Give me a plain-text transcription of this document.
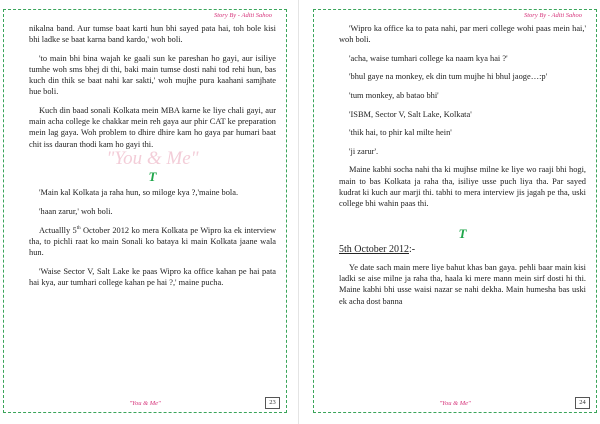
Story By - Aditi Sahoo

nikalna band. Aur tumse baat karti hun bhi sayed pata hai, toh bole kisi bhi ladke se baat karna band kardo,' woh boli.

'to main bhi bina wajah ke gaali sun ke pareshan ho gayi, aur isiliye tumhe woh sms bhej di thi, baki main tumse dosti nahi tod rehi hun, bas kuch din thik se baat nahi kar sakti,' woh mujhe pura kaahani samjhate hue boli.

Kuch din baad sonali Kolkata mein MBA karne ke liye chali gayi, aur main acha college ke chakkar mein reh gaya aur phir CAT ke preparation mein lag gaya. Woh problem to dhire dhire kam ho gaya par humari baat chit iss dauran thodi kam ho gayi thi.

"You & Me"
T

'Main kal Kolkata ja raha hun, so miloge kya ?,'maine bola.

'haan zarur,' woh boli.

Actuallly 5th October 2012 ko mera Kolkata pe Wipro ka ek interview tha, to pichli raat ko main Sonali ko bataya ki main Kolkata jaane wala hun.

'Waise Sector V, Salt Lake ke paas Wipro ka office kahan pe hai pata hai kya, aur tumhari college kahan pe hai ?,' maine pucha.

"You & Me"	23
Story By - Aditi Sahoo

'Wipro ka office ka to pata nahi, par meri college wohi paas mein hai,' woh boli.

'acha, waise tumhari college ka naam kya hai ?'

'bhul gaye na monkey, ek din tum mujhe hi bhul jaoge…:p'

'tum monkey, ab batao bhi'

'ISBM, Sector V, Salt Lake, Kolkata'

'thik hai, to phir kal milte hein'

'ji zarur'.

Maine kabhi socha nahi tha ki mujhse milne ke liye wo raaji bhi hogi, main to bas Kolkata ja raha tha, isiliye usse puch liya tha. Par sayed kudrat ki kuch aur marji thi. tabhi to mera interview jis jagah pe tha, uski college bhi wahin paas thi.

T

5th October 2012:-

Ye date sach main mere liye bahut khas ban gaya. pehli baar main kisi ladki se aise milne ja raha tha, haala ki mere mann mein sirf dosti hi thi. Maine kabhi bhi usse waisi nazar se nahi dekha. Main humesha bas uski ek acha dost banna

"You & Me"	24
